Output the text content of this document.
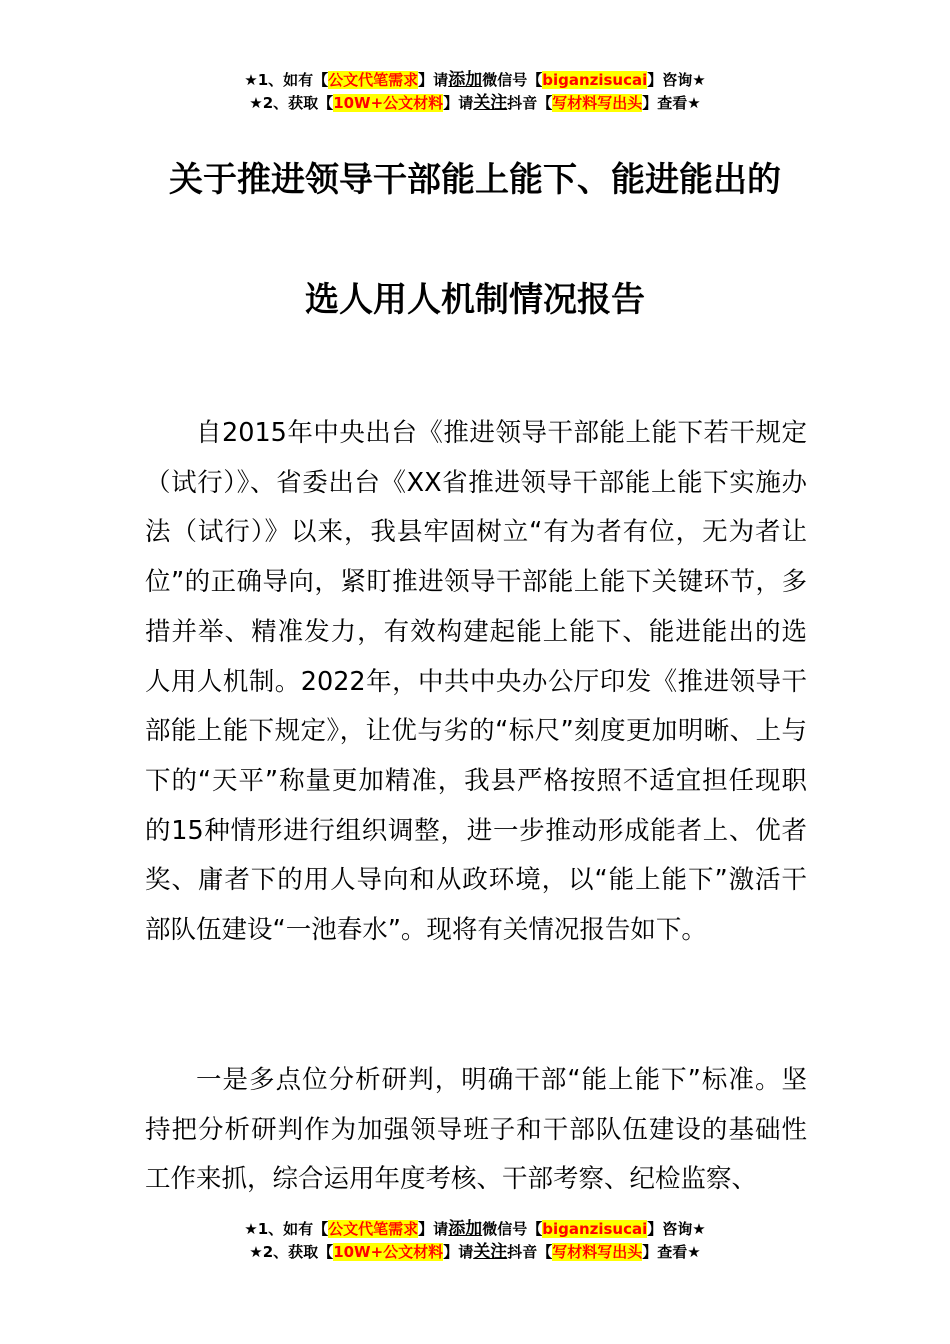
★1、如有【公文代笔需求】请添加微信号【biganzisucai】咨询★
★2、获取【10W+公文材料】请关注抖音【写材料写出头】查看★
关于推进领导干部能上能下、能进能出的
选人用人机制情况报告

自2015年中央出台《推进领导干部能上能下若干规定（试行）》、省委出台《XX省推进领导干部能上能下实施办法（试行）》以来，我县牢固树立“有为者有位，无为者让位”的正确导向，紧盯推进领导干部能上能下关键环节，多措并举、精准发力，有效构建起能上能下、能进能出的选人用人机制。2022年，中共中央办公厅印发《推进领导干部能上能下规定》，让优与劣的“标尺”刻度更加明晰、上与下的“天平”称量更加精准，我县严格按照不适宜担任现职的15种情形进行组织调整，进一步推动形成能者上、优者奖、庸者下的用人导向和从政环境，以“能上能下”激活干部队伍建设“一池春水”。现将有关情况报告如下。

一是多点位分析研判，明确干部“能上能下”标准。坚持把分析研判作为加强领导班子和干部队伍建设的基础性工作来抓，综合运用年度考核、干部考察、纪检监察、

★1、如有【公文代笔需求】请添加微信号【biganzisucai】咨询★
★2、获取【10W+公文材料】请关注抖音【写材料写出头】查看★
